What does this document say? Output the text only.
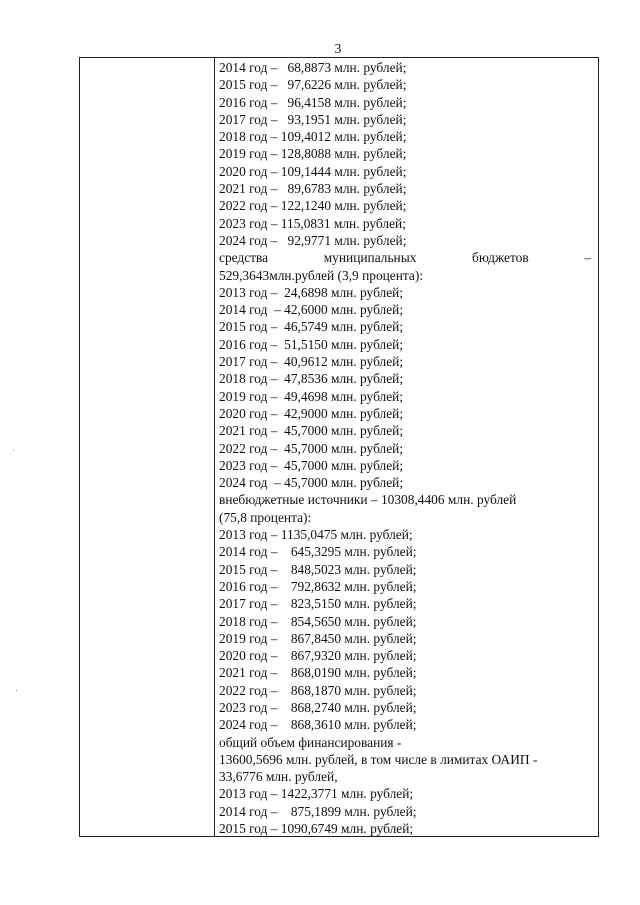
3
2014 год –   68,8873 млн. рублей;
2015 год –   97,6226 млн. рублей;
2016 год –   96,4158 млн. рублей;
2017 год –   93,1951 млн. рублей;
2018 год – 109,4012 млн. рублей;
2019 год – 128,8088 млн. рублей;
2020 год – 109,1444 млн. рублей;
2021 год –   89,6783 млн. рублей;
2022 год – 122,1240 млн. рублей;
2023 год – 115,0831 млн. рублей;
2024 год –   92,9771 млн. рублей;
средства	муниципальных	бюджетов	–
529,3643млн.рублей (3,9 процента):
2013 год –  24,6898 млн. рублей;
2014 год  – 42,6000 млн. рублей;
2015 год –  46,5749 млн. рублей;
2016 год –  51,5150 млн. рублей;
2017 год –  40,9612 млн. рублей;
2018 год –  47,8536 млн. рублей;
2019 год –  49,4698 млн. рублей;
2020 год –  42,9000 млн. рублей;
2021 год –  45,7000 млн. рублей;
2022 год –  45,7000 млн. рублей;
2023 год –  45,7000 млн. рублей;
2024 год  – 45,7000 млн. рублей;
внебюджетные источники – 10308,4406 млн. рублей
(75,8 процента):
2013 год – 1135,0475 млн. рублей;
2014 год –    645,3295 млн. рублей;
2015 год –    848,5023 млн. рублей;
2016 год –    792,8632 млн. рублей;
2017 год –    823,5150 млн. рублей;
2018 год –    854,5650 млн. рублей;
2019 год –    867,8450 млн. рублей;
2020 год –    867,9320 млн. рублей;
2021 год –    868,0190 млн. рублей;
2022 год –    868,1870 млн. рублей;
2023 год –    868,2740 млн. рублей;
2024 год –    868,3610 млн. рублей;
общий объем финансирования -
13600,5696 млн. рублей, в том числе в лимитах ОАИП -
33,6776 млн. рублей,
2013 год – 1422,3771 млн. рублей;
2014 год –    875,1899 млн. рублей;
2015 год – 1090,6749 млн. рублей;
